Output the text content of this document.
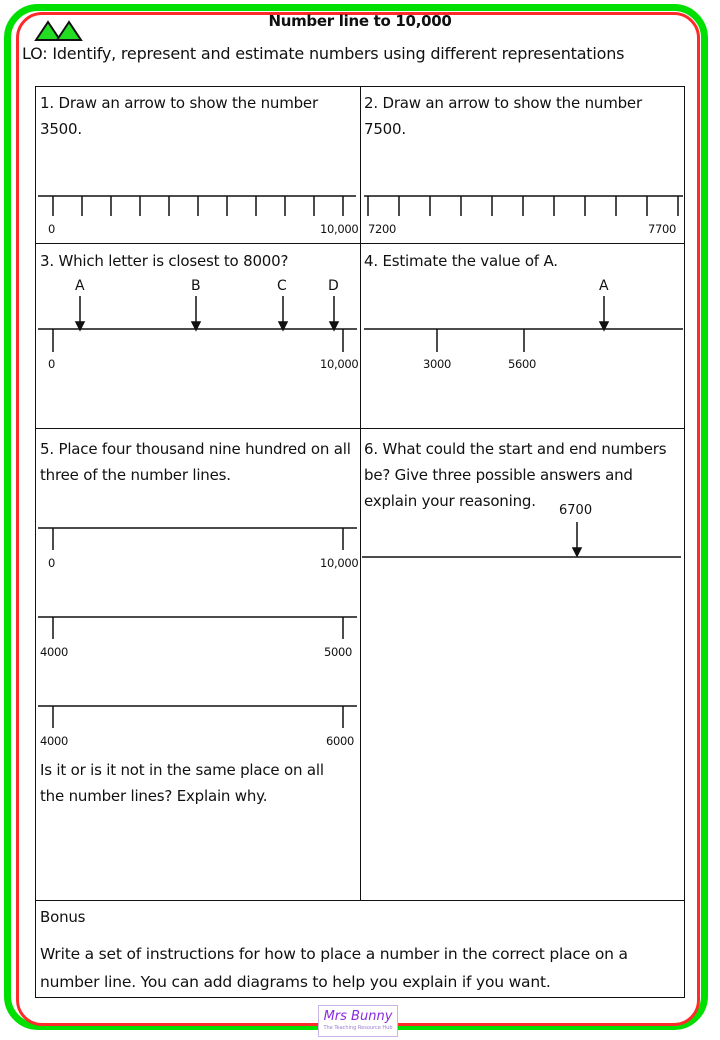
Number line to 10,000
LO: Identify, represent and estimate numbers using different representations
1. Draw an arrow to show the number 3500.
0	10,000
2. Draw an arrow to show the number 7500.
7200	7700
3. Which letter is closest to 8000?
A	B	C	D
0	10,000
4. Estimate the value of A.
A
3000	5600
5. Place four thousand nine hundred on all three of the number lines.
0	10,000
4000	5000
4000	6000
Is it or is it not in the same place on all the number lines? Explain why.
6. What could the start and end numbers be? Give three possible answers and explain your reasoning.
6700
Bonus
Write a set of instructions for how to place a number in the correct place on a number line. You can add diagrams to help you explain if you want.
Mrs Bunny
The Teaching Resource Hub
